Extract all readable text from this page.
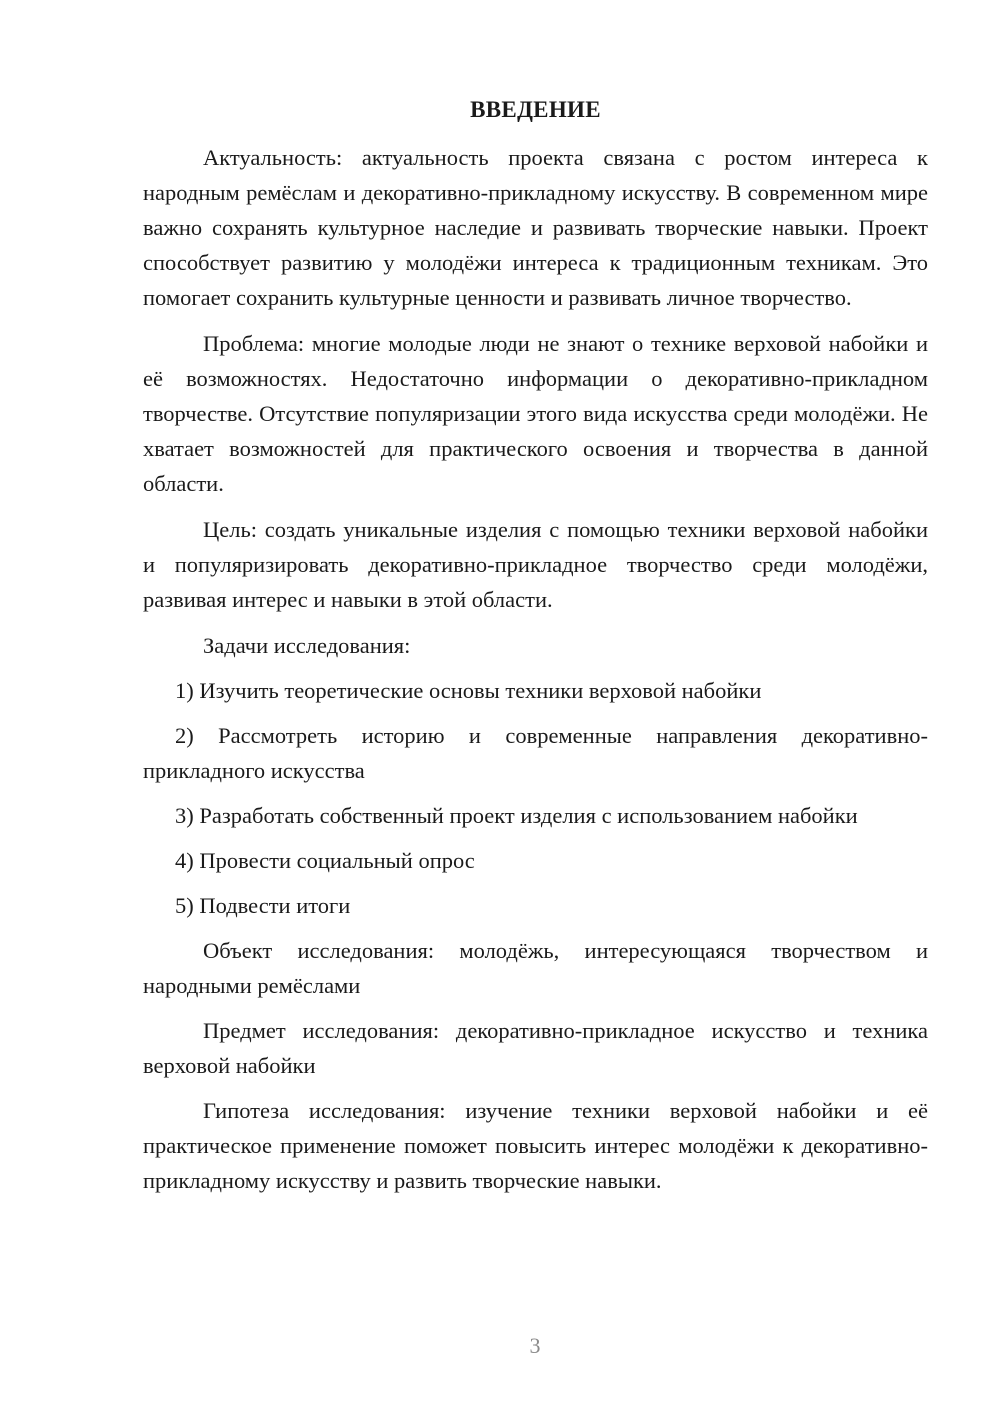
ВВЕДЕНИЕ

Актуальность: актуальность проекта связана с ростом интереса к народным ремёслам и декоративно-прикладному искусству. В современном мире важно сохранять культурное наследие и развивать творческие навыки. Проект способствует развитию у молодёжи интереса к традиционным техникам. Это помогает сохранить культурные ценности и развивать личное творчество.

Проблема: многие молодые люди не знают о технике верховой набойки и её возможностях. Недостаточно информации о декоративно-прикладном творчестве. Отсутствие популяризации этого вида искусства среди молодёжи. Не хватает возможностей для практического освоения и творчества в данной области.

Цель: создать уникальные изделия с помощью техники верховой набойки и популяризировать декоративно-прикладное творчество среди молодёжи, развивая интерес и навыки в этой области.

Задачи исследования:

1) Изучить теоретические основы техники верховой набойки

2) Рассмотреть историю и современные направления декоративно-прикладного искусства

3) Разработать собственный проект изделия с использованием набойки

4) Провести социальный опрос

5) Подвести итоги

Объект исследования: молодёжь, интересующаяся творчеством и народными ремёслами

Предмет исследования: декоративно-прикладное искусство и техника верховой набойки

Гипотеза исследования: изучение техники верховой набойки и её практическое применение поможет повысить интерес молодёжи к декоративно-прикладному искусству и развить творческие навыки.

3
